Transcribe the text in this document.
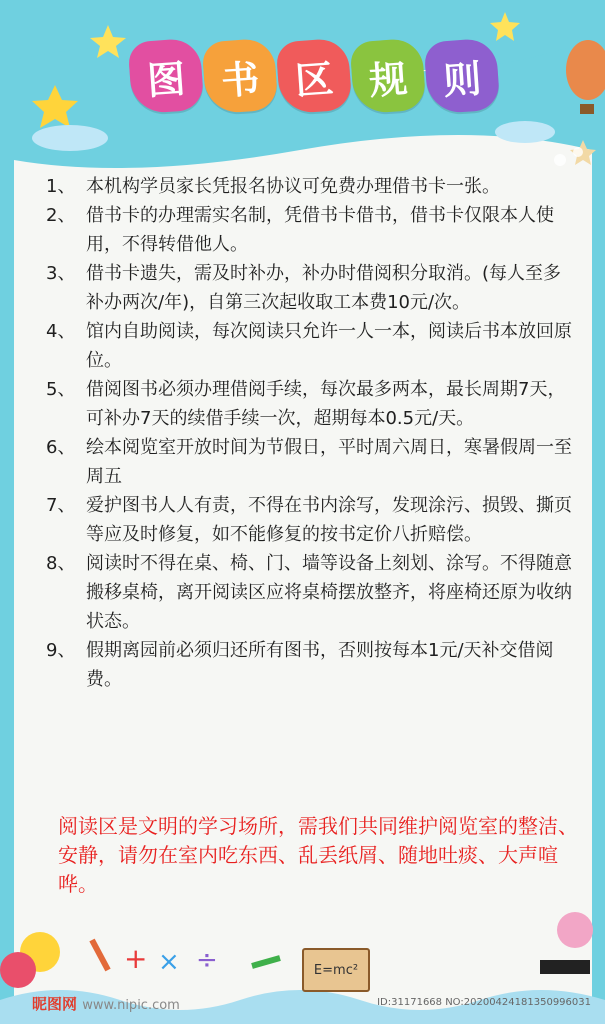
图 书 区 规 则
1、 本机构学员家长凭报名协议可免费办理借书卡一张。
2、 借书卡的办理需实名制，凭借书卡借书，借书卡仅限本人使用，不得转借他人。
3、 借书卡遗失，需及时补办，补办时借阅积分取消。(每人至多补办两次/年)，自第三次起收取工本费10元/次。
4、 馆内自助阅读，每次阅读只允许一人一本，阅读后书本放回原位。
5、 借阅图书必须办理借阅手续，每次最多两本，最长周期7天，可补办7天的续借手续一次，超期每本0.5元/天。
6、 绘本阅览室开放时间为节假日，平时周六周日，寒暑假周一至周五
7、 爱护图书人人有责，不得在书内涂写，发现涂污、损毁、撕页等应及时修复，如不能修复的按书定价八折赔偿。
8、 阅读时不得在桌、椅、门、墙等设备上刻划、涂写。不得随意搬移桌椅，离开阅读区应将桌椅摆放整齐，将座椅还原为收纳状态。
9、 假期离园前必须归还所有图书，否则按每本1元/天补交借阅费。
阅读区是文明的学习场所，需我们共同维护阅览室的整洁、安静，请勿在室内吃东西、乱丢纸屑、随地吐痰、大声喧哗。
+ × ÷	E=mc²
昵图网 www.nipic.com	ID:31171668 NO:20200424181350996031
